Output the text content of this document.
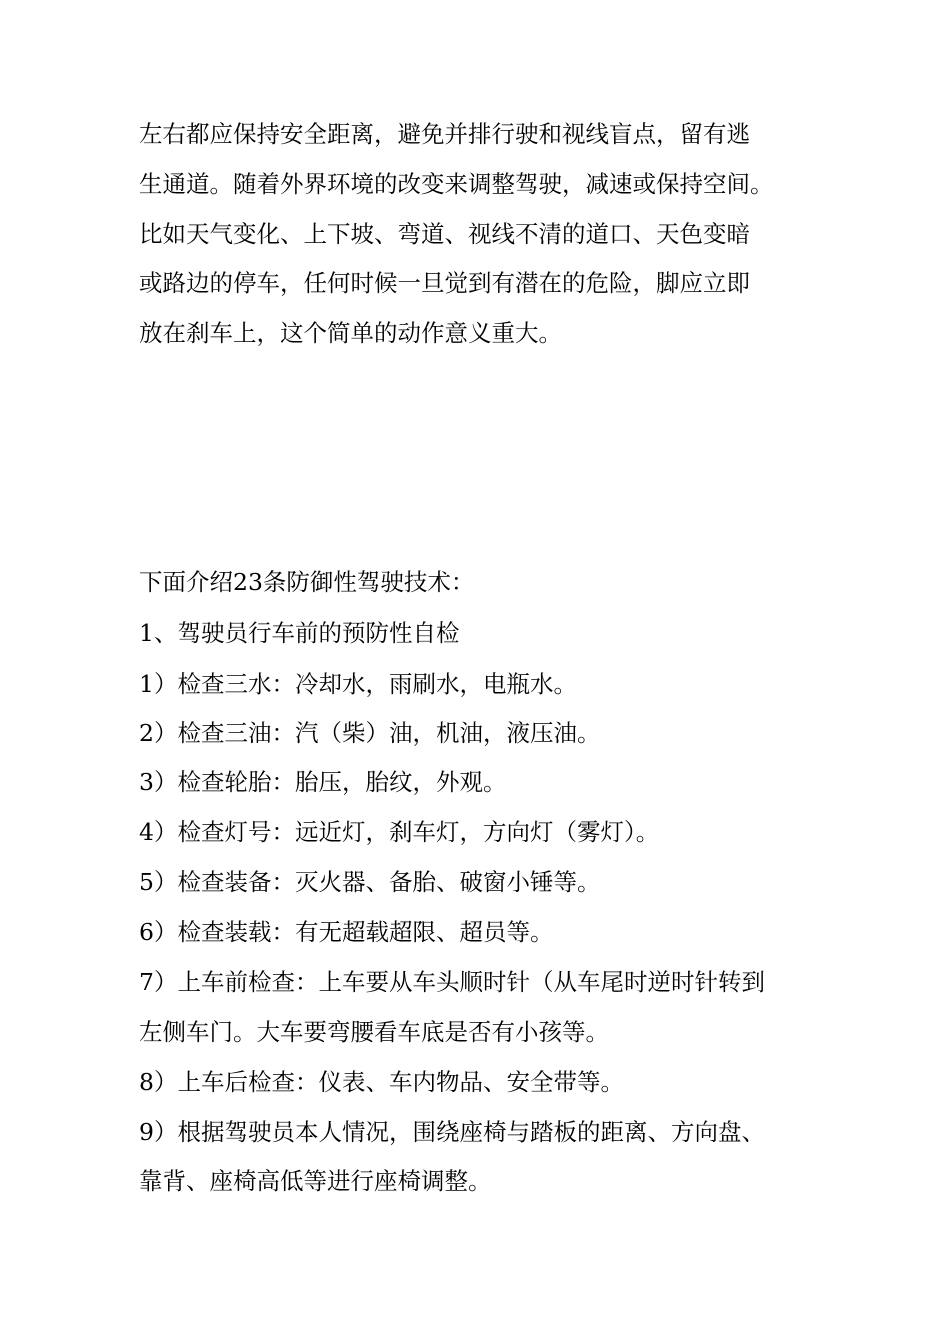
左右都应保持安全距离，避免并排行驶和视线盲点，留有逃
生通道。随着外界环境的改变来调整驾驶，减速或保持空间。
比如天气变化、上下坡、弯道、视线不清的道口、天色变暗
或路边的停车，任何时候一旦觉到有潜在的危险，脚应立即
放在刹车上，这个简单的动作意义重大。
下面介绍23条防御性驾驶技术：
1、驾驶员行车前的预防性自检
1）检查三水：冷却水，雨刷水，电瓶水。
2）检查三油：汽（柴）油，机油，液压油。
3）检查轮胎：胎压，胎纹，外观。
4）检查灯号：远近灯，刹车灯，方向灯（雾灯）。
5）检查装备：灭火器、备胎、破窗小锤等。
6）检查装载：有无超载超限、超员等。
7）上车前检查：上车要从车头顺时针（从车尾时逆时针转到
左侧车门。大车要弯腰看车底是否有小孩等。
8）上车后检查：仪表、车内物品、安全带等。
9）根据驾驶员本人情况，围绕座椅与踏板的距离、方向盘、
靠背、座椅高低等进行座椅调整。
